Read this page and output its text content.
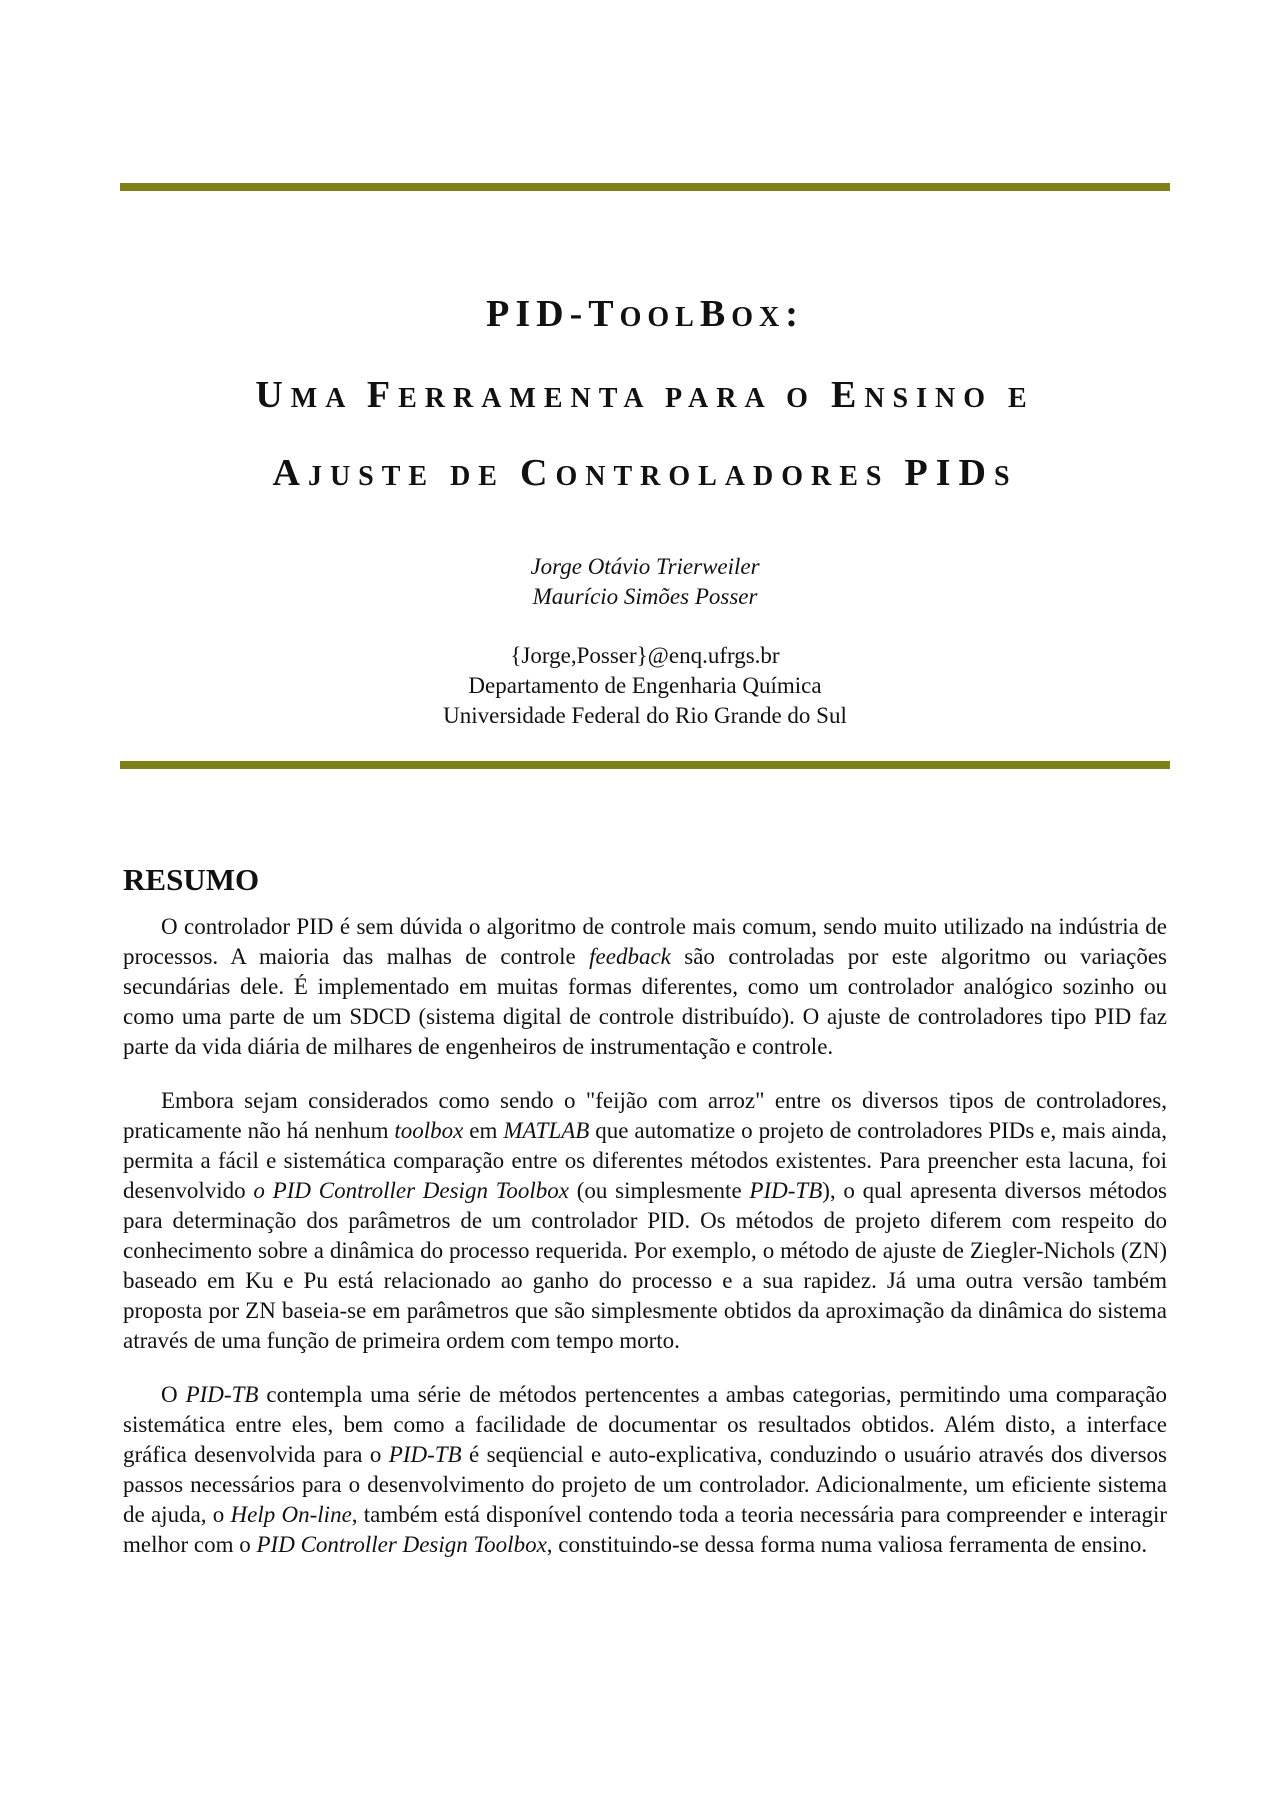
PID-TOOLBOX:
UMA FERRAMENTA PARA O ENSINO E
AJUSTE DE CONTROLADORES PIDS
Jorge Otávio Trierweiler
Maurício Simões Posser
{Jorge,Posser}@enq.ufrgs.br
Departamento de Engenharia Química
Universidade Federal do Rio Grande do Sul
RESUMO

O controlador PID é sem dúvida o algoritmo de controle mais comum, sendo muito utilizado na indústria de processos. A maioria das malhas de controle feedback são controladas por este algoritmo ou variações secundárias dele. É implementado em muitas formas diferentes, como um controlador analógico sozinho ou como uma parte de um SDCD (sistema digital de controle distribuído). O ajuste de controladores tipo PID faz parte da vida diária de milhares de engenheiros de instrumentação e controle.

Embora sejam considerados como sendo o "feijão com arroz" entre os diversos tipos de controladores, praticamente não há nenhum toolbox em MATLAB que automatize o projeto de controladores PIDs e, mais ainda, permita a fácil e sistemática comparação entre os diferentes métodos existentes. Para preencher esta lacuna, foi desenvolvido o PID Controller Design Toolbox (ou simplesmente PID-TB), o qual apresenta diversos métodos para determinação dos parâmetros de um controlador PID. Os métodos de projeto diferem com respeito do conhecimento sobre a dinâmica do processo requerida. Por exemplo, o método de ajuste de Ziegler-Nichols (ZN) baseado em Ku e Pu está relacionado ao ganho do processo e a sua rapidez. Já uma outra versão também proposta por ZN baseia-se em parâmetros que são simplesmente obtidos da aproximação da dinâmica do sistema através de uma função de primeira ordem com tempo morto.

O PID-TB contempla uma série de métodos pertencentes a ambas categorias, permitindo uma comparação sistemática entre eles, bem como a facilidade de documentar os resultados obtidos. Além disto, a interface gráfica desenvolvida para o PID-TB é seqüencial e auto-explicativa, conduzindo o usuário através dos diversos passos necessários para o desenvolvimento do projeto de um controlador. Adicionalmente, um eficiente sistema de ajuda, o Help On-line, também está disponível contendo toda a teoria necessária para compreender e interagir melhor com o PID Controller Design Toolbox, constituindo-se dessa forma numa valiosa ferramenta de ensino.
